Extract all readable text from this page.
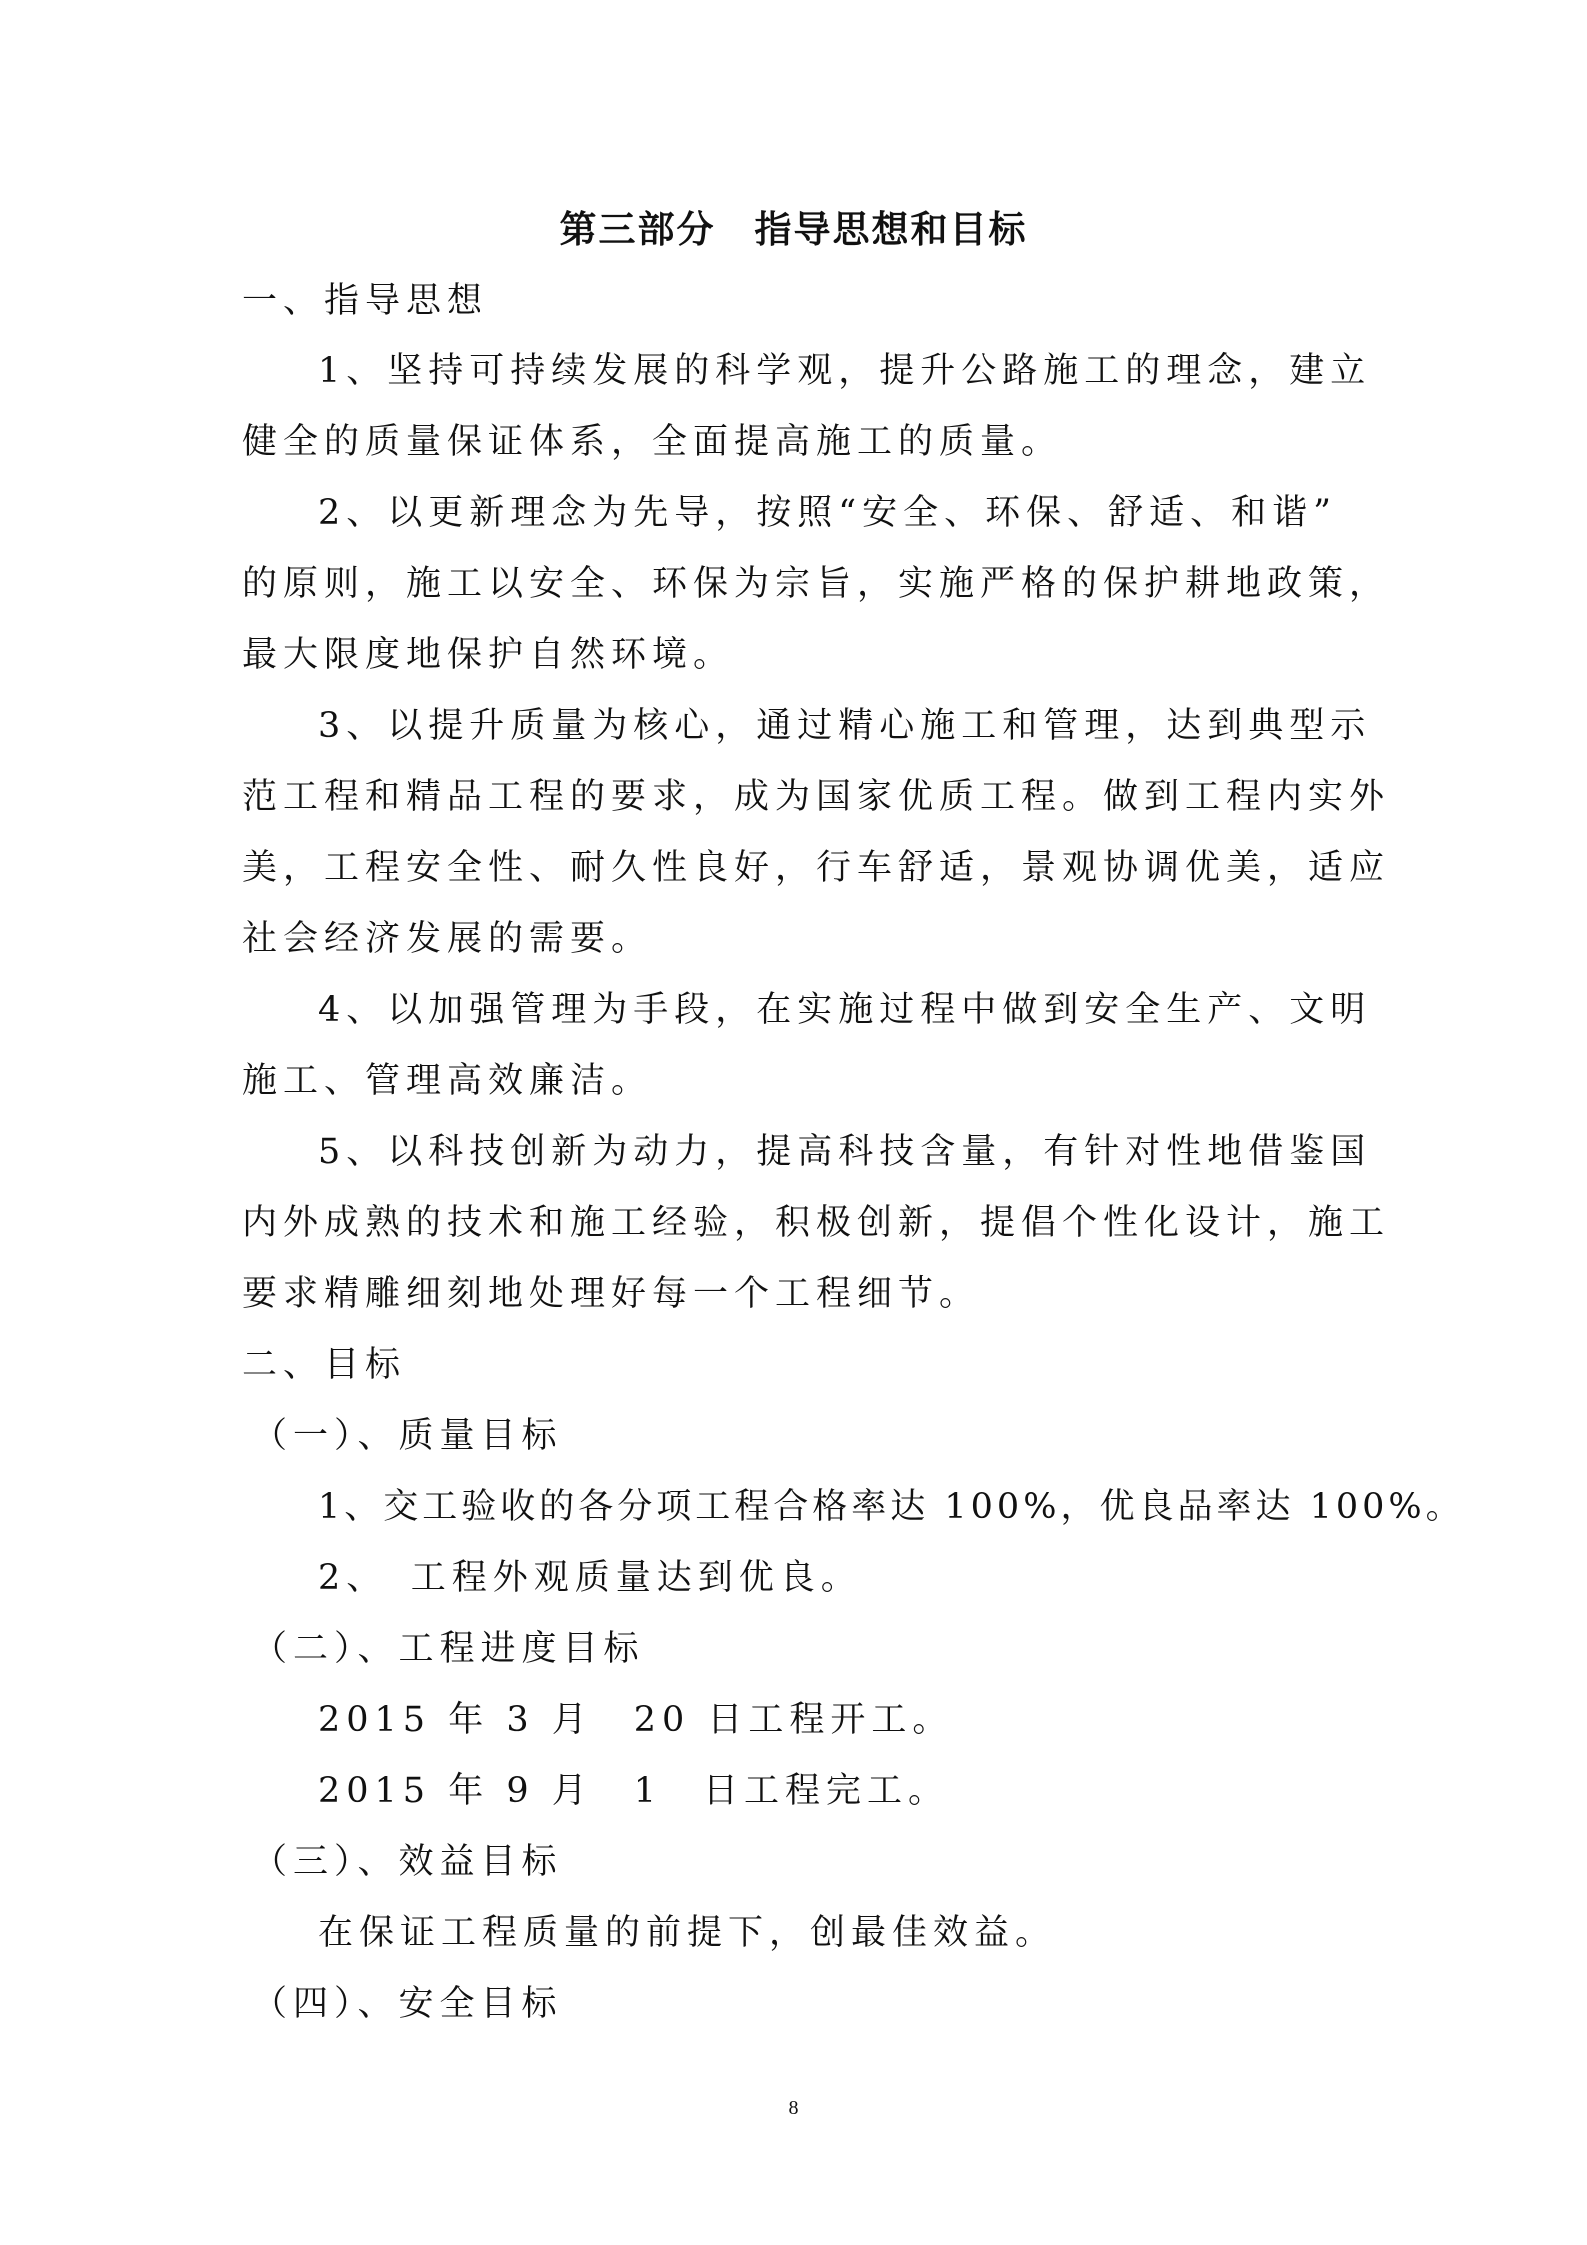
第三部分　指导思想和目标
一、指导思想
1、坚持可持续发展的科学观，提升公路施工的理念，建立
健全的质量保证体系，全面提高施工的质量。
2、以更新理念为先导，按照“安全、环保、舒适、和谐”
的原则，施工以安全、环保为宗旨，实施严格的保护耕地政策，
最大限度地保护自然环境。
3、以提升质量为核心，通过精心施工和管理，达到典型示
范工程和精品工程的要求，成为国家优质工程。做到工程内实外
美，工程安全性、耐久性良好，行车舒适，景观协调优美，适应
社会经济发展的需要。
4、以加强管理为手段，在实施过程中做到安全生产、文明
施工、管理高效廉洁。
5、以科技创新为动力，提高科技含量，有针对性地借鉴国
内外成熟的技术和施工经验，积极创新，提倡个性化设计，施工
要求精雕细刻地处理好每一个工程细节。
二、目标
（一）、质量目标
1、交工验收的各分项工程合格率达 100%，优良品率达 100%。
2、　工程外观质量达到优良。
（二）、工程进度目标
2015 年 3 月　20 日工程开工。
2015 年 9 月　1　日工程完工。
（三）、效益目标
在保证工程质量的前提下，创最佳效益。
（四）、安全目标
8
